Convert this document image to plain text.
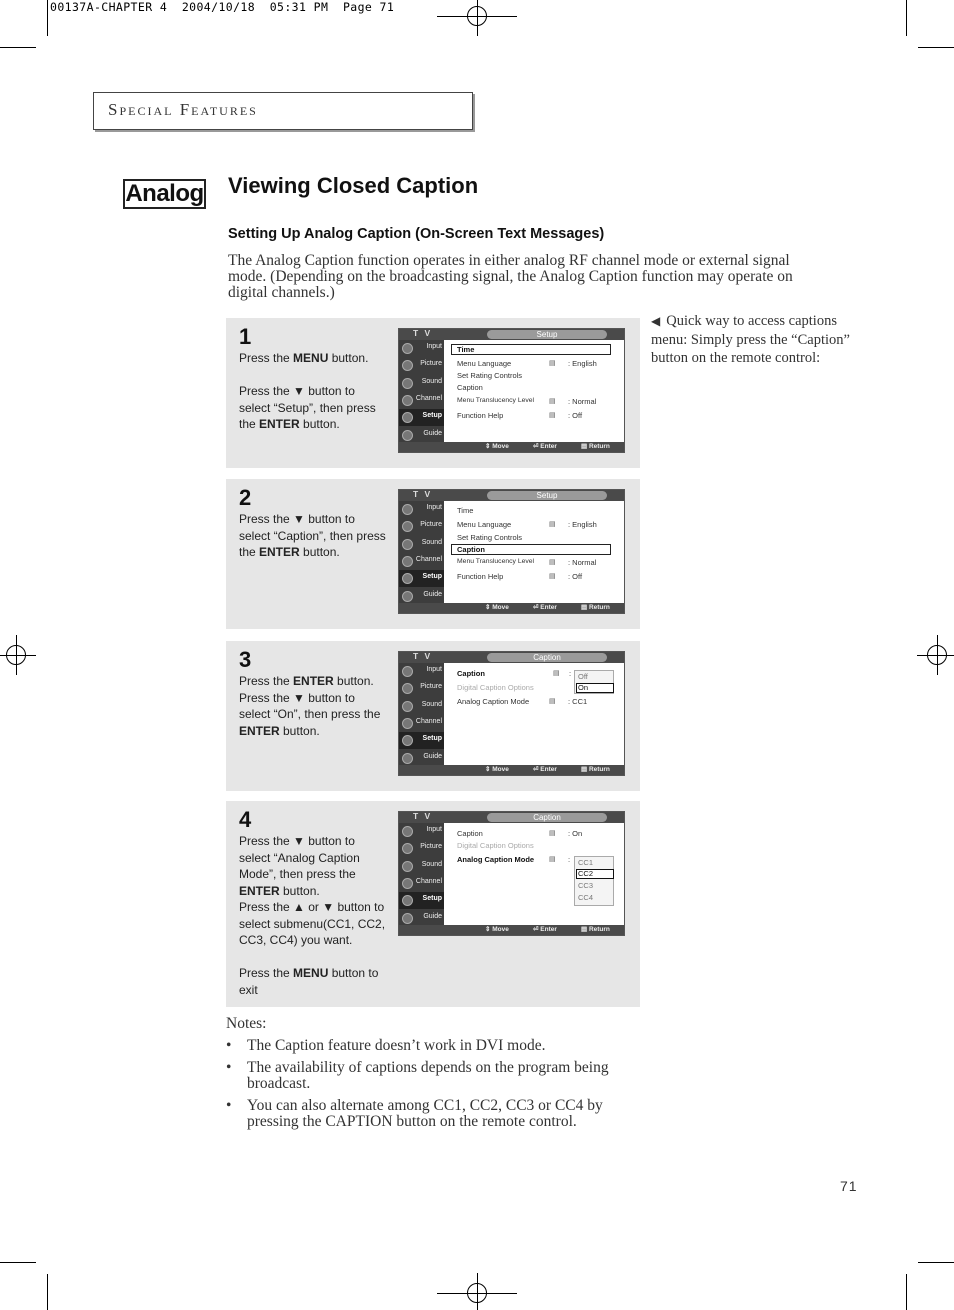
00137A-CHAPTER 4  2004/10/18  05:31 PM  Page 71
Special Features
Analog Viewing Closed Caption
Setting Up Analog Caption (On-Screen Text Messages)
The Analog Caption function operates in either analog RF channel mode or external signal mode. (Depending on the broadcasting signal, the Analog Caption function may operate on digital channels.)
◀ Quick way to access captions menu: Simply press the “Caption” button on the remote control:
1

Press the MENU button.

Press the ▼ button to select “Setup”, then press the ENTER button.

T V	Setup
Input
Picture
Sound
Channel
Setup
Guide
Time
Menu Language	▤ : English
Set Rating Controls
Caption
Menu Translucency Level ▤ : Normal
Function Help	▤ : Off
⇕ Move	⏎ Enter	▤ Return
2

Press the ▼ button to select “Caption”, then press the ENTER button.

T V	Setup
Input
Picture
Sound
Channel
Setup
Guide
Time
Menu Language	▤ : English
Set Rating Controls
Caption
Menu Translucency Level ▤ : Normal
Function Help	▤ : Off
⇕ Move	⏎ Enter	▤ Return
3

Press the ENTER button.

Press the ▼ button to select “On”, then press the ENTER button.

T V	Caption
Input
Picture
Sound
Channel
Setup
Guide
Caption	▤ :
Digital Caption Options
Analog Caption Mode	▤ : CC1
Off
On
⇕ Move	⏎ Enter	▤ Return
4

Press the ▼ button to select “Analog Caption Mode”, then press the ENTER button.

Press the ▲ or ▼ button to select submenu(CC1, CC2, CC3, CC4) you want.

Press the MENU button to exit

T V	Caption
Input
Picture
Sound
Channel
Setup
Guide
Caption	▤ : On
Digital Caption Options
Analog Caption Mode ▤ : CC1
CC2
CC3
CC4
⇕ Move	⏎ Enter	▤ Return
Notes:
• The Caption feature doesn’t work in DVI mode.
• The availability of captions depends on the program being broadcast.
• You can also alternate among CC1, CC2, CC3 or CC4 by pressing the CAPTION button on the remote control.
71
